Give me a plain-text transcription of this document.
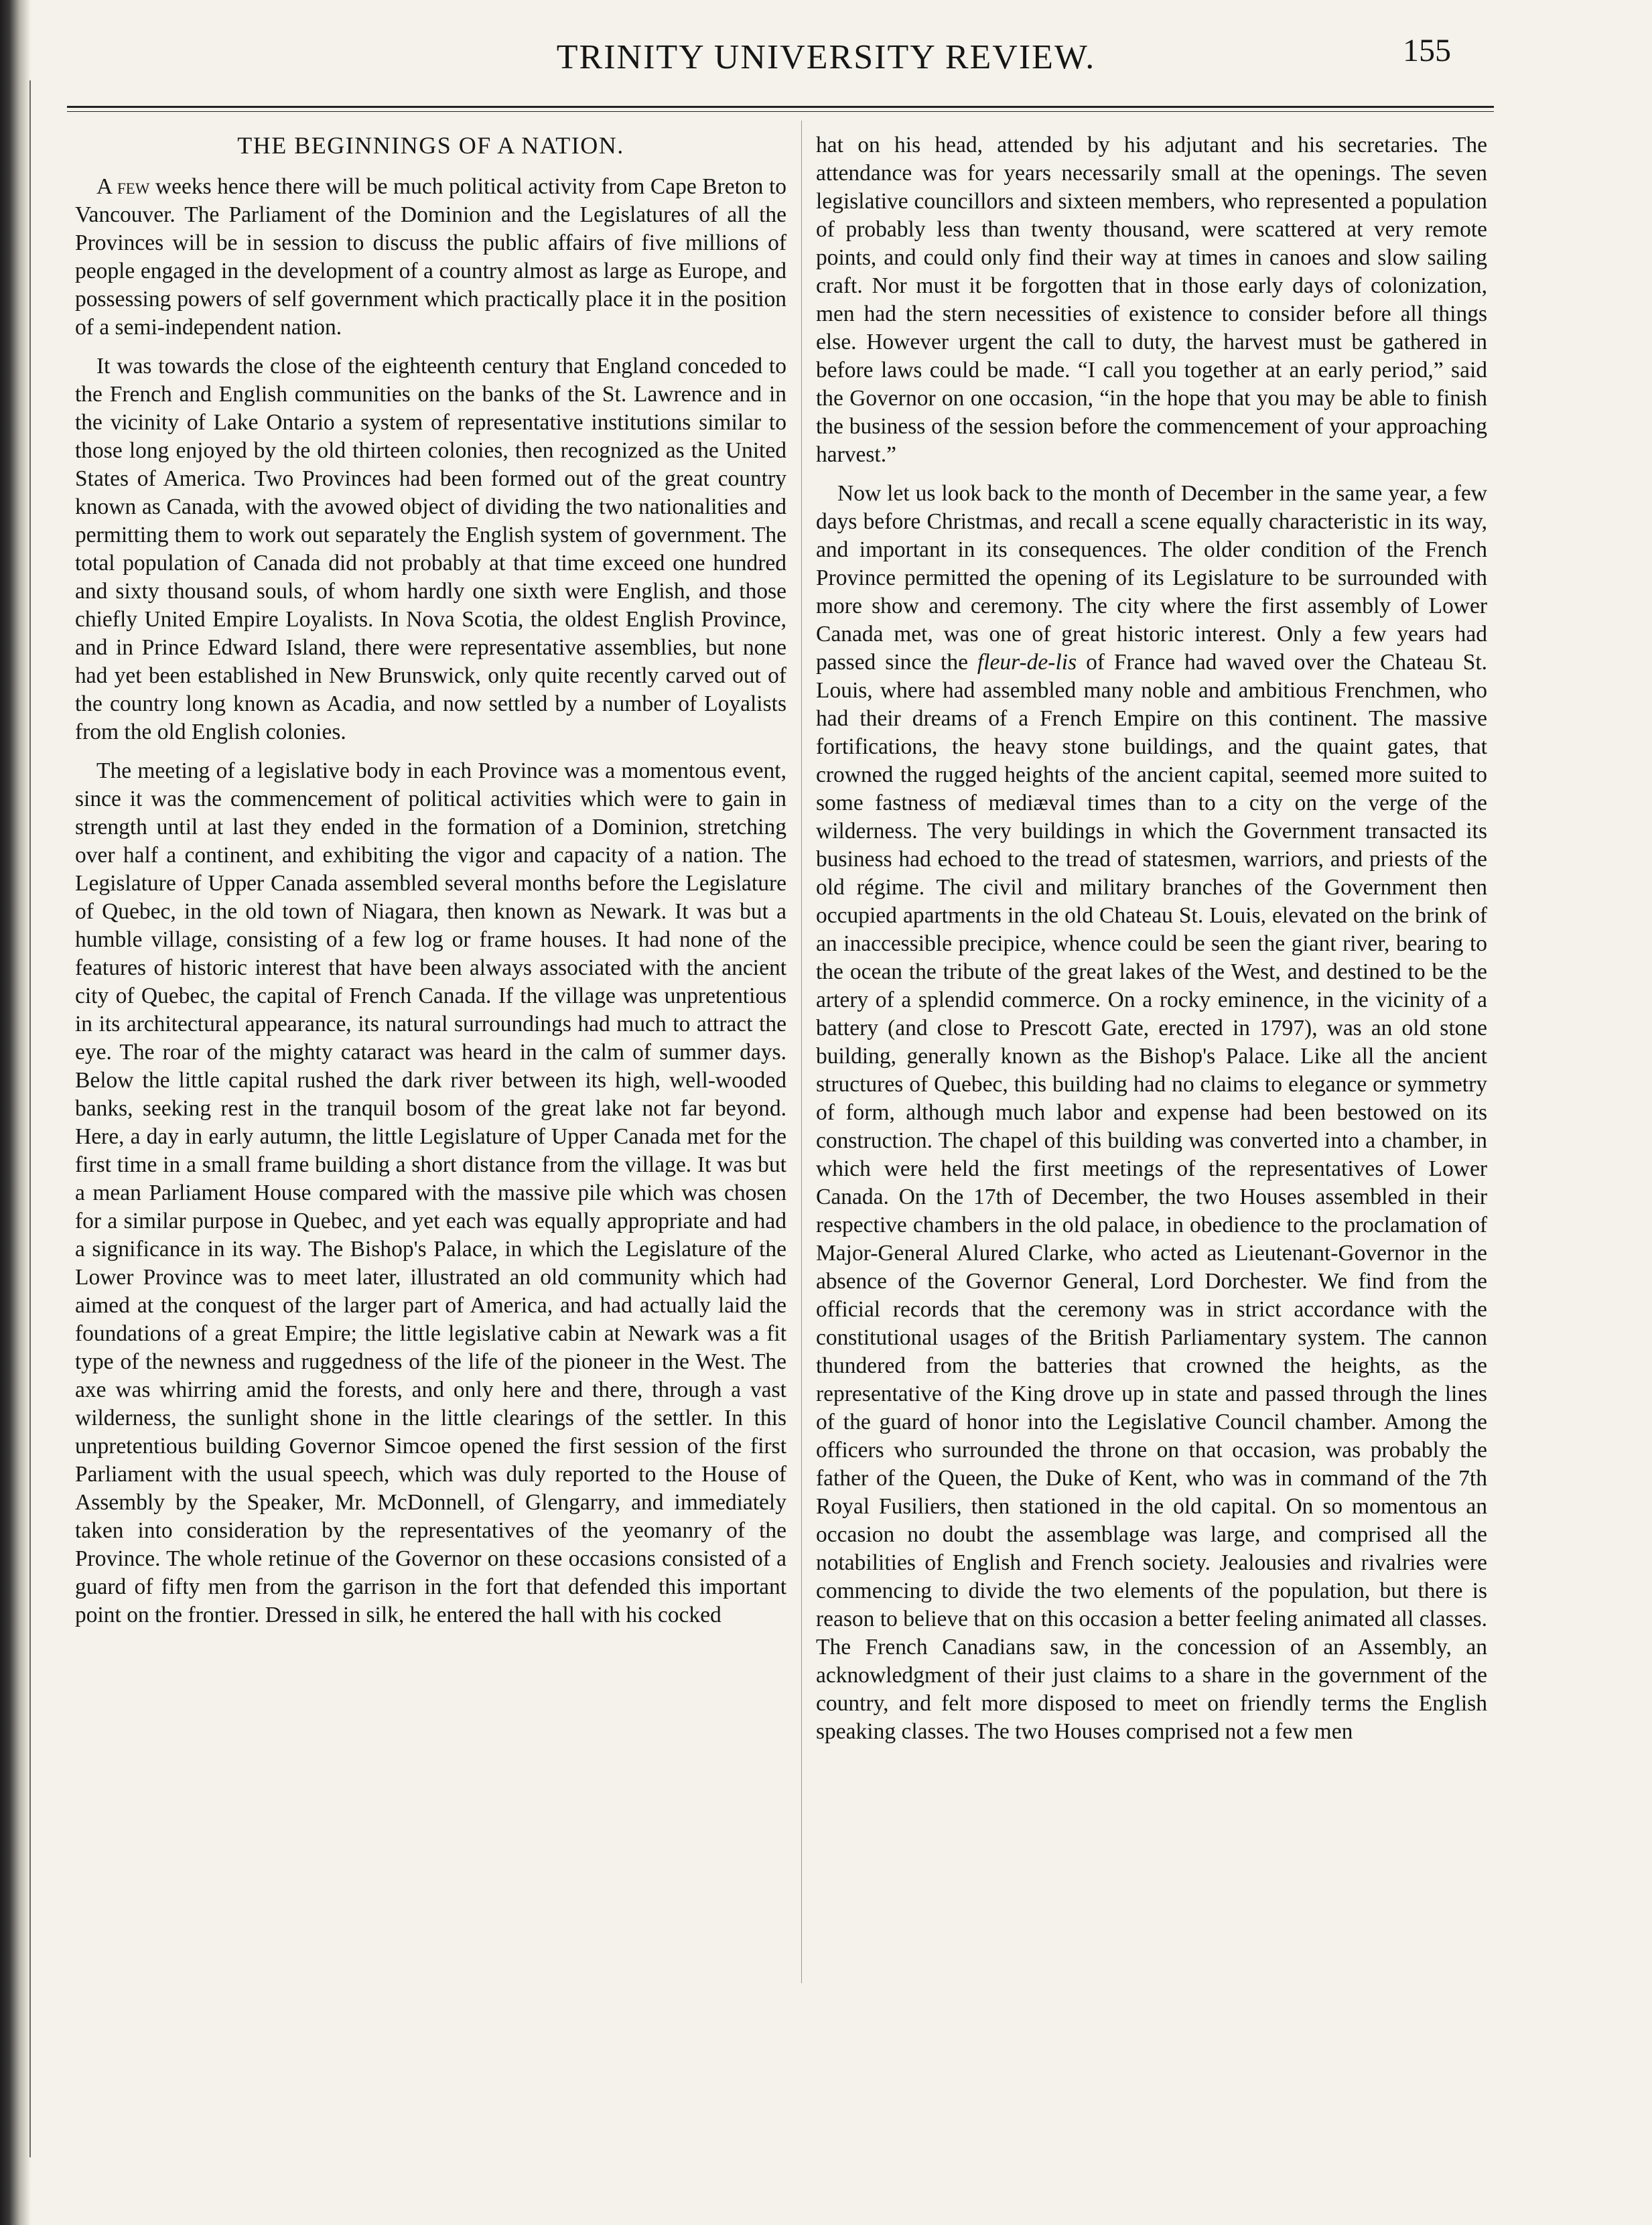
TRINITY UNIVERSITY REVIEW.	155
THE BEGINNINGS OF A NATION.

A few weeks hence there will be much political activity from Cape Breton to Vancouver. The Parliament of the Dominion and the Legislatures of all the Provinces will be in session to discuss the public affairs of five millions of people engaged in the development of a country almost as large as Europe, and possessing powers of self government which practically place it in the position of a semi-independent nation.

It was towards the close of the eighteenth century that England conceded to the French and English communities on the banks of the St. Lawrence and in the vicinity of Lake Ontario a system of representative institutions similar to those long enjoyed by the old thirteen colonies, then recognized as the United States of America. Two Provinces had been formed out of the great country known as Canada, with the avowed object of dividing the two nationalities and permitting them to work out separately the English system of government. The total population of Canada did not probably at that time exceed one hundred and sixty thousand souls, of whom hardly one sixth were English, and those chiefly United Empire Loyalists. In Nova Scotia, the oldest English Province, and in Prince Edward Island, there were representative assemblies, but none had yet been established in New Brunswick, only quite recently carved out of the country long known as Acadia, and now settled by a number of Loyalists from the old English colonies.

The meeting of a legislative body in each Province was a momentous event, since it was the commencement of political activities which were to gain in strength until at last they ended in the formation of a Dominion, stretching over half a continent, and exhibiting the vigor and capacity of a nation. The Legislature of Upper Canada assembled several months before the Legislature of Quebec, in the old town of Niagara, then known as Newark. It was but a humble village, consisting of a few log or frame houses. It had none of the features of historic interest that have been always associated with the ancient city of Quebec, the capital of French Canada. If the village was unpretentious in its architectural appearance, its natural surroundings had much to attract the eye. The roar of the mighty cataract was heard in the calm of summer days. Below the little capital rushed the dark river between its high, well-wooded banks, seeking rest in the tranquil bosom of the great lake not far beyond. Here, a day in early autumn, the little Legislature of Upper Canada met for the first time in a small frame building a short distance from the village. It was but a mean Parliament House compared with the massive pile which was chosen for a similar purpose in Quebec, and yet each was equally appropriate and had a significance in its way. The Bishop's Palace, in which the Legislature of the Lower Province was to meet later, illustrated an old community which had aimed at the conquest of the larger part of America, and had actually laid the foundations of a great Empire; the little legislative cabin at Newark was a fit type of the newness and ruggedness of the life of the pioneer in the West. The axe was whirring amid the forests, and only here and there, through a vast wilderness, the sunlight shone in the little clearings of the settler. In this unpretentious building Governor Simcoe opened the first session of the first Parliament with the usual speech, which was duly reported to the House of Assembly by the Speaker, Mr. McDonnell, of Glengarry, and immediately taken into consideration by the representatives of the yeomanry of the Province. The whole retinue of the Governor on these occasions consisted of a guard of fifty men from the garrison in the fort that defended this important point on the frontier. Dressed in silk, he entered the hall with his cocked

hat on his head, attended by his adjutant and his secretaries. The attendance was for years necessarily small at the openings. The seven legislative councillors and sixteen members, who represented a population of probably less than twenty thousand, were scattered at very remote points, and could only find their way at times in canoes and slow sailing craft. Nor must it be forgotten that in those early days of colonization, men had the stern necessities of existence to consider before all things else. However urgent the call to duty, the harvest must be gathered in before laws could be made. “I call you together at an early period,” said the Governor on one occasion, “in the hope that you may be able to finish the business of the session before the commencement of your approaching harvest.”

Now let us look back to the month of December in the same year, a few days before Christmas, and recall a scene equally characteristic in its way, and important in its consequences. The older condition of the French Province permitted the opening of its Legislature to be surrounded with more show and ceremony. The city where the first assembly of Lower Canada met, was one of great historic interest. Only a few years had passed since the fleur-de-lis of France had waved over the Chateau St. Louis, where had assembled many noble and ambitious Frenchmen, who had their dreams of a French Empire on this continent. The massive fortifications, the heavy stone buildings, and the quaint gates, that crowned the rugged heights of the ancient capital, seemed more suited to some fastness of mediæval times than to a city on the verge of the wilderness. The very buildings in which the Government transacted its business had echoed to the tread of statesmen, warriors, and priests of the old régime. The civil and military branches of the Government then occupied apartments in the old Chateau St. Louis, elevated on the brink of an inaccessible precipice, whence could be seen the giant river, bearing to the ocean the tribute of the great lakes of the West, and destined to be the artery of a splendid commerce. On a rocky eminence, in the vicinity of a battery (and close to Prescott Gate, erected in 1797), was an old stone building, generally known as the Bishop's Palace. Like all the ancient structures of Quebec, this building had no claims to elegance or symmetry of form, although much labor and expense had been bestowed on its construction. The chapel of this building was converted into a chamber, in which were held the first meetings of the representatives of Lower Canada. On the 17th of December, the two Houses assembled in their respective chambers in the old palace, in obedience to the proclamation of Major-General Alured Clarke, who acted as Lieutenant-Governor in the absence of the Governor General, Lord Dorchester. We find from the official records that the ceremony was in strict accordance with the constitutional usages of the British Parliamentary system. The cannon thundered from the batteries that crowned the heights, as the representative of the King drove up in state and passed through the lines of the guard of honor into the Legislative Council chamber. Among the officers who surrounded the throne on that occasion, was probably the father of the Queen, the Duke of Kent, who was in command of the 7th Royal Fusiliers, then stationed in the old capital. On so momentous an occasion no doubt the assemblage was large, and comprised all the notabilities of English and French society. Jealousies and rivalries were commencing to divide the two elements of the population, but there is reason to believe that on this occasion a better feeling animated all classes. The French Canadians saw, in the concession of an Assembly, an acknowledgment of their just claims to a share in the government of the country, and felt more disposed to meet on friendly terms the English speaking classes. The two Houses comprised not a few men
